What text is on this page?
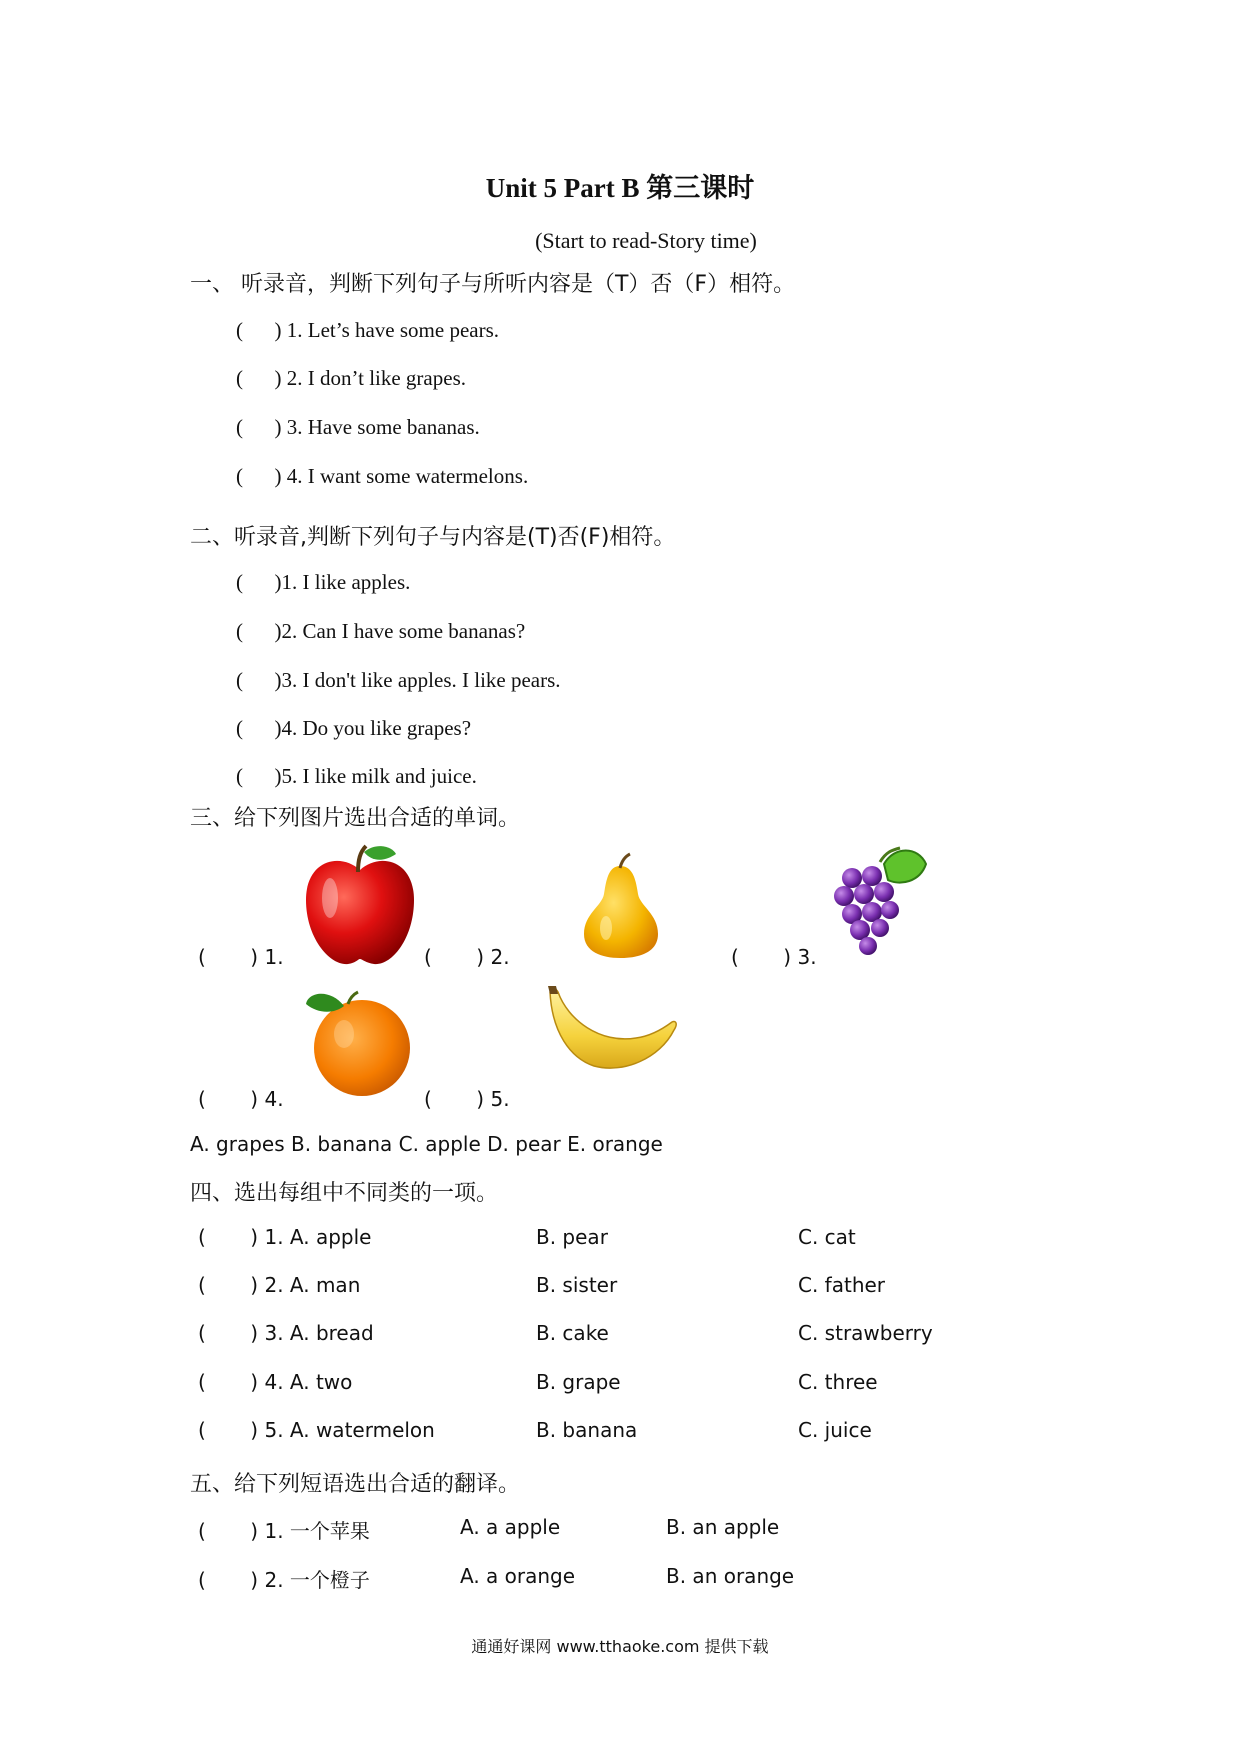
Unit 5 Part B 第三课时
(Start to read-Story time)
一、 听录音，判断下列句子与所听内容是（T）否（F）相符。
(      ) 1. Let’s have some pears.
(      ) 2. I don’t like grapes.
(      ) 3. Have some bananas.
(      ) 4. I want some watermelons.
二、听录音,判断下列句子与内容是(T)否(F)相符。
(      )1. I like apples.
(      )2. Can I have some bananas?
(      )3. I don't like apples. I like pears.
(      )4. Do you like grapes?
(      )5. I like milk and juice.
三、给下列图片选出合适的单词。
(       ) 1.	(       ) 2.	(       ) 3.
(       ) 4.	(       ) 5.
A. grapes B. banana C. apple D. pear E. orange
四、选出每组中不同类的一项。
(       ) 1. A. apple	B. pear	C. cat
(       ) 2. A. man	B. sister	C. father
(       ) 3. A. bread	B. cake	C. strawberry
(       ) 4. A. two	B. grape	C. three
(       ) 5. A. watermelon	B. banana	C. juice
五、给下列短语选出合适的翻译。
(       ) 1. 一个苹果	A. a apple	B. an apple
(       ) 2. 一个橙子	A. a orange	B. an orange
通通好课网 www.tthaoke.com 提供下载
